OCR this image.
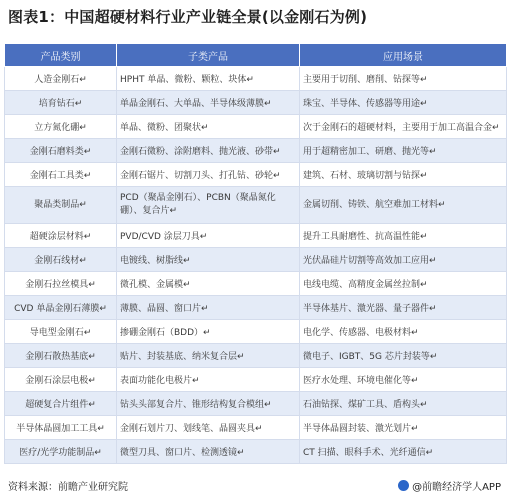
图表1：中国超硬材料行业产业链全景(以金刚石为例)
产品类别	子类产品	应用场景
人造金刚石↵	HPHT 单晶、微粉、颗粒、块体↵	主要用于切削、磨削、钻探等↵
培育钻石↵	单晶金刚石、大单晶、半导体级薄膜↵	珠宝、半导体、传感器等用途↵
立方氮化硼↵	单晶、微粉、团聚状↵	次于金刚石的超硬材料，主要用于加工高温合金↵
金刚石磨料类↵	金刚石微粉、涂附磨料、抛光液、砂带↵	用于超精密加工、研磨、抛光等↵
金刚石工具类↵	金刚石锯片、切割刀头、打孔钻、砂轮↵	建筑、石材、玻璃切割与钻探↵
聚晶类制品↵	PCD（聚晶金刚石）、PCBN（聚晶氮化硼）、复合片↵	金属切削、铸铁、航空难加工材料↵
超硬涂层材料↵	PVD/CVD 涂层刀具↵	提升工具耐磨性、抗高温性能↵
金刚石线材↵	电镀线、树脂线↵	光伏晶硅片切割等高效加工应用↵
金刚石拉丝模具↵	微孔模、金属模↵	电线电缆、高精度金属丝拉制↵
CVD 单晶金刚石薄膜↵	薄膜、晶圆、窗口片↵	半导体基片、激光器、量子器件↵
导电型金刚石↵	掺硼金刚石（BDD）↵	电化学、传感器、电极材料↵
金刚石散热基底↵	贴片、封装基底、纳米复合层↵	微电子、IGBT、5G 芯片封装等↵
金刚石涂层电极↵	表面功能化电极片↵	医疗水处理、环境电催化等↵
超硬复合片组件↵	钻头头部复合片、锥形结构复合模组↵	石油钻探、煤矿工具、盾构头↵
半导体晶圆加工工具↵	金刚石划片刀、划线笔、晶圆夹具↵	半导体晶圆封装、激光划片↵
医疗/光学功能制品↵	微型刀具、窗口片、检测透镜↵	CT 扫描、眼科手术、光纤通信↵
资料来源：前瞻产业研究院	@前瞻经济学人APP
